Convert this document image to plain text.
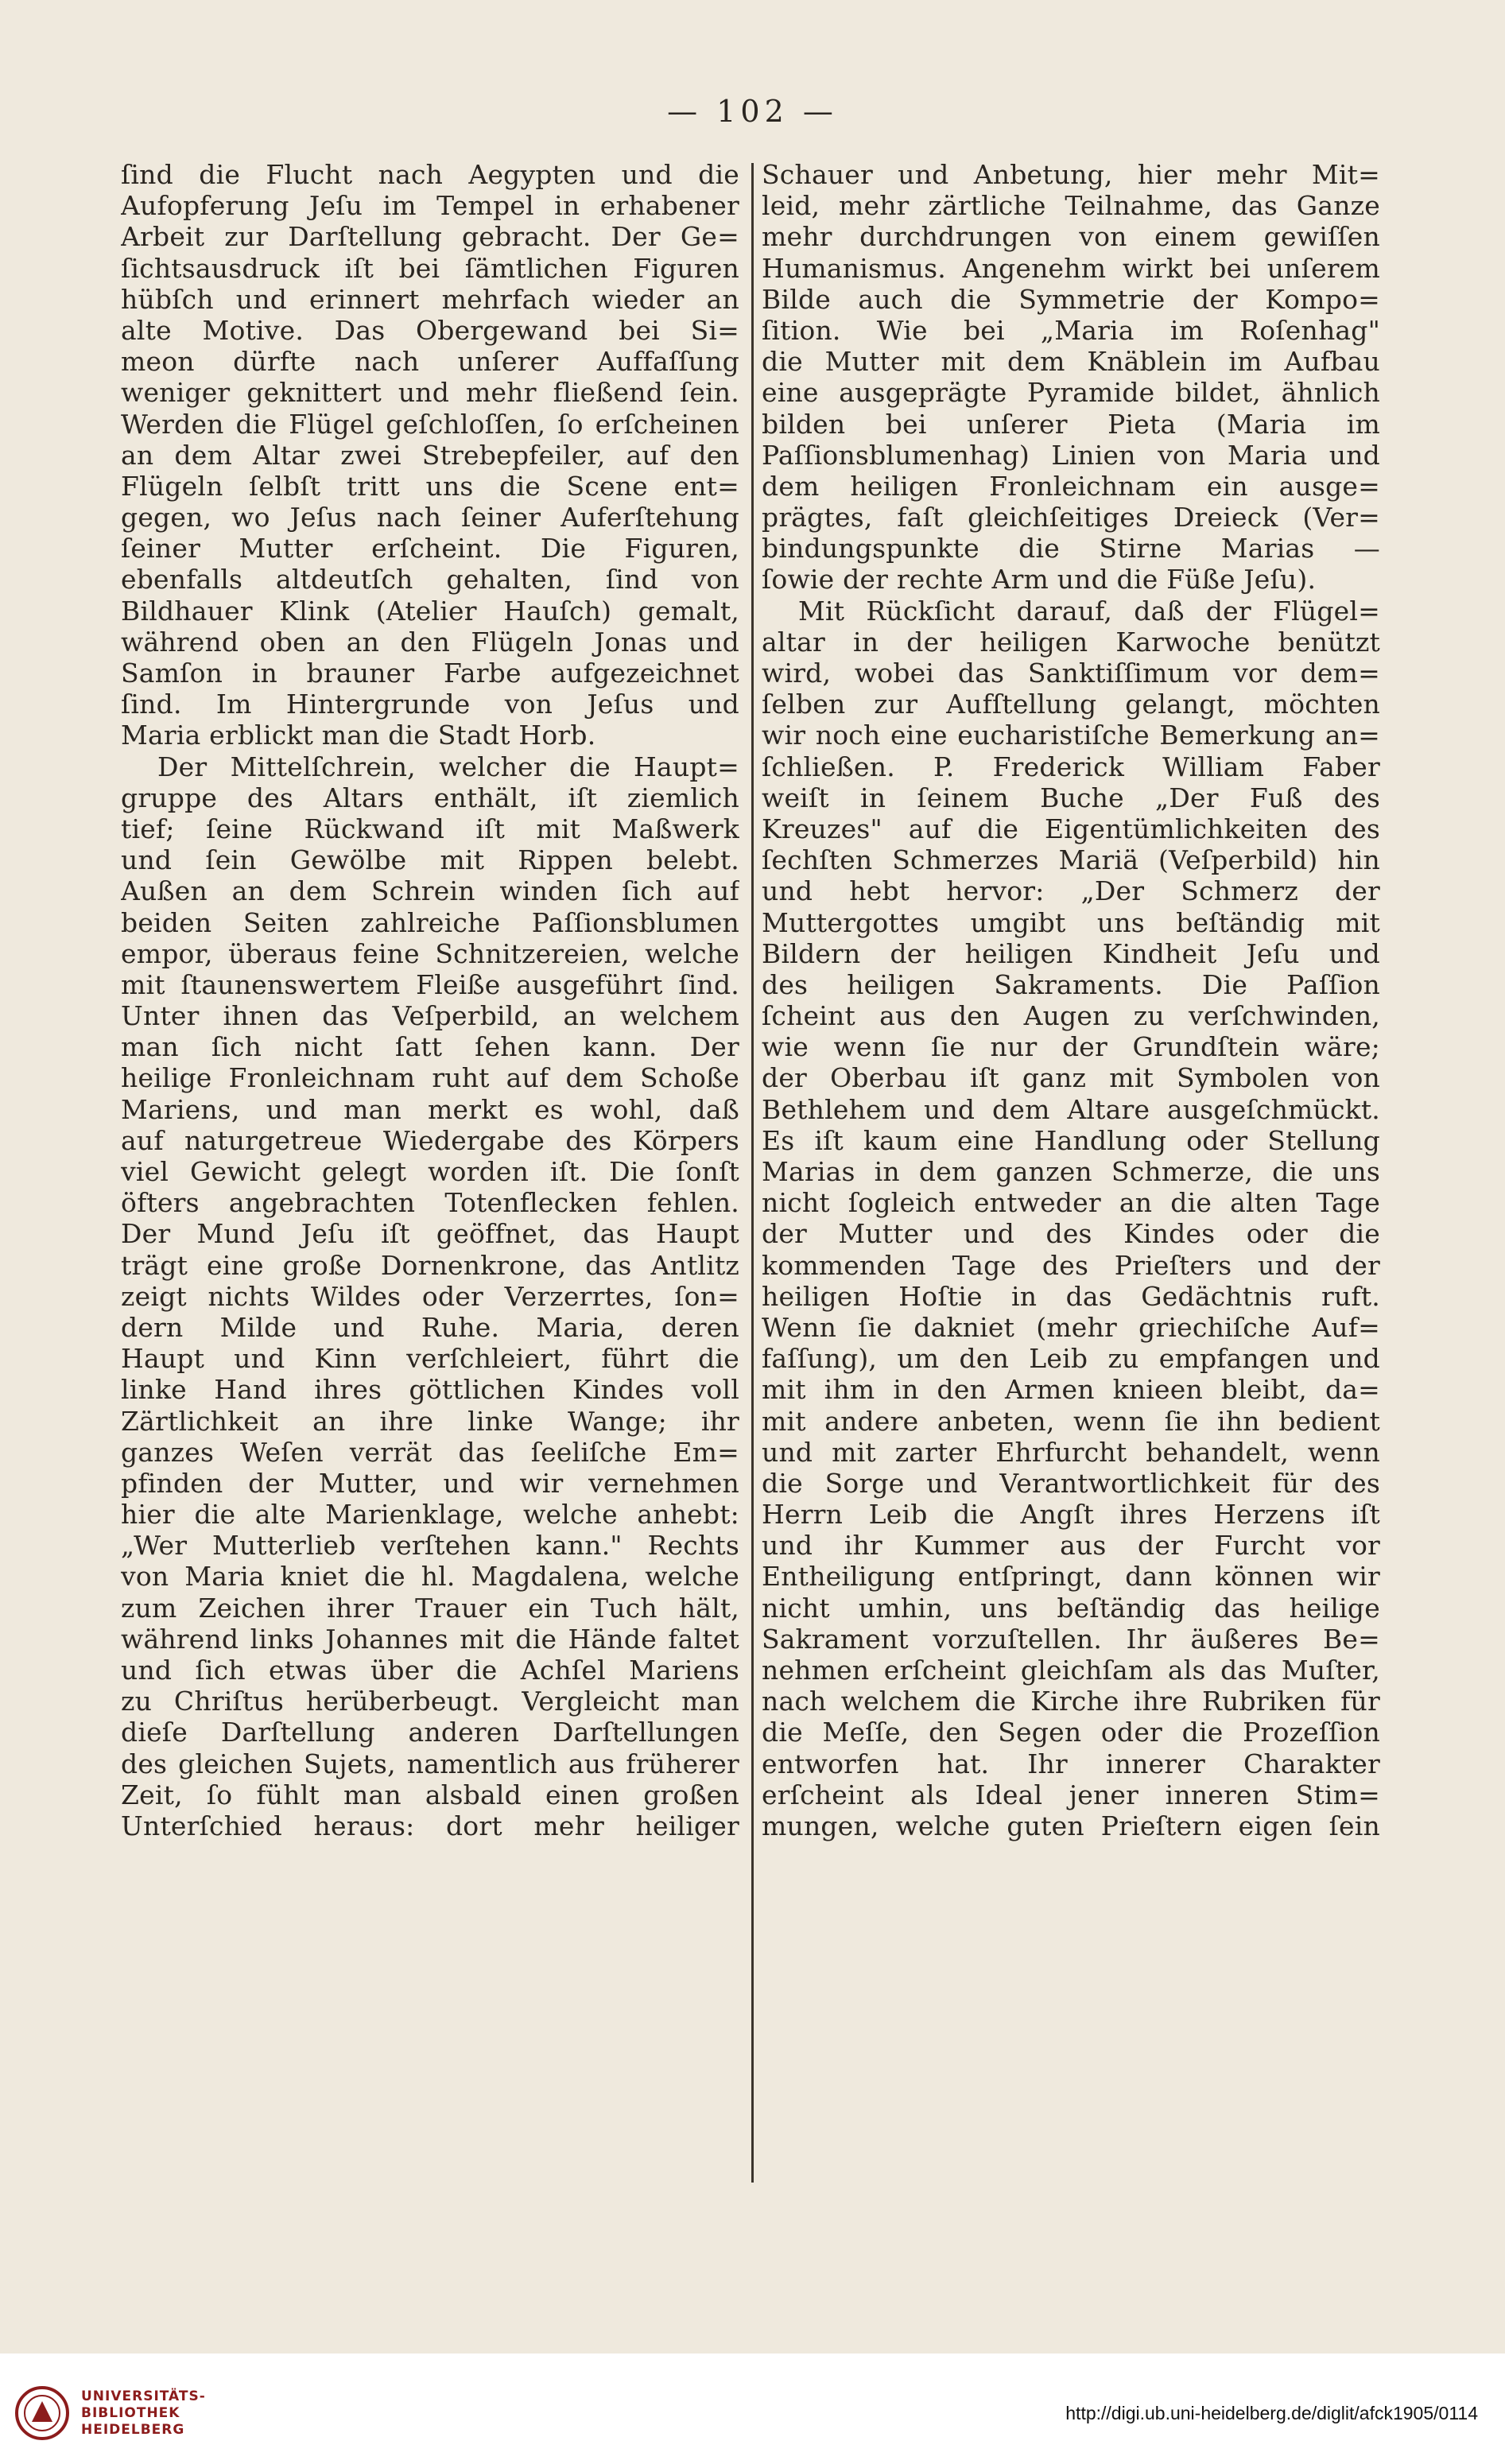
— 102 —
ſind die Flucht nach Aegypten und die
Aufopferung Jeſu im Tempel in erhabener
Arbeit zur Darſtellung gebracht. Der Ge=
ſichtsausdruck iſt bei ſämtlichen Figuren
hübſch und erinnert mehrfach wieder an
alte Motive. Das Obergewand bei Si=
meon dürfte nach unſerer Auffaſſung
weniger geknittert und mehr fließend ſein.
Werden die Flügel geſchloſſen, ſo erſcheinen
an dem Altar zwei Strebepfeiler, auf den
Flügeln ſelbſt tritt uns die Scene ent=
gegen, wo Jeſus nach ſeiner Auferſtehung
ſeiner Mutter erſcheint. Die Figuren,
ebenfalls altdeutſch gehalten, ſind von
Bildhauer Klink (Atelier Hauſch) gemalt,
während oben an den Flügeln Jonas und
Samſon in brauner Farbe aufgezeichnet
ſind. Im Hintergrunde von Jeſus und
Maria erblickt man die Stadt Horb.
Der Mittelſchrein, welcher die Haupt=
gruppe des Altars enthält, iſt ziemlich
tief; ſeine Rückwand iſt mit Maßwerk
und ſein Gewölbe mit Rippen belebt.
Außen an dem Schrein winden ſich auf
beiden Seiten zahlreiche Paſſionsblumen
empor, überaus feine Schnitzereien, welche
mit ſtaunenswertem Fleiße ausgeführt ſind.
Unter ihnen das Veſperbild, an welchem
man ſich nicht ſatt ſehen kann. Der
heilige Fronleichnam ruht auf dem Schoße
Mariens, und man merkt es wohl, daß
auf naturgetreue Wiedergabe des Körpers
viel Gewicht gelegt worden iſt. Die ſonſt
öfters angebrachten Totenflecken fehlen.
Der Mund Jeſu iſt geöffnet, das Haupt
trägt eine große Dornenkrone, das Antlitz
zeigt nichts Wildes oder Verzerrtes, ſon=
dern Milde und Ruhe. Maria, deren
Haupt und Kinn verſchleiert, führt die
linke Hand ihres göttlichen Kindes voll
Zärtlichkeit an ihre linke Wange; ihr
ganzes Weſen verrät das ſeeliſche Em=
pfinden der Mutter, und wir vernehmen
hier die alte Marienklage, welche anhebt:
„Wer Mutterlieb verſtehen kann." Rechts
von Maria kniet die hl. Magdalena, welche
zum Zeichen ihrer Trauer ein Tuch hält,
während links Johannes mit die Hände faltet
und ſich etwas über die Achſel Mariens
zu Chriſtus herüberbeugt. Vergleicht man
dieſe Darſtellung anderen Darſtellungen
des gleichen Sujets, namentlich aus früherer
Zeit, ſo fühlt man alsbald einen großen
Unterſchied heraus: dort mehr heiliger
Schauer und Anbetung, hier mehr Mit=
leid, mehr zärtliche Teilnahme, das Ganze
mehr durchdrungen von einem gewiſſen
Humanismus. Angenehm wirkt bei unſerem
Bilde auch die Symmetrie der Kompo=
ſition. Wie bei „Maria im Roſenhag"
die Mutter mit dem Knäblein im Aufbau
eine ausgeprägte Pyramide bildet, ähnlich
bilden bei unſerer Pieta (Maria im
Paſſionsblumenhag) Linien von Maria und
dem heiligen Fronleichnam ein ausge=
prägtes, faſt gleichſeitiges Dreieck (Ver=
bindungspunkte die Stirne Marias —
ſowie der rechte Arm und die Füße Jeſu).
Mit Rückſicht darauf, daß der Flügel=
altar in der heiligen Karwoche benützt
wird, wobei das Sanktiſſimum vor dem=
ſelben zur Aufſtellung gelangt, möchten
wir noch eine eucharistiſche Bemerkung an=
ſchließen. P. Frederick William Faber
weiſt in ſeinem Buche „Der Fuß des
Kreuzes" auf die Eigentümlichkeiten des
ſechſten Schmerzes Mariä (Veſperbild) hin
und hebt hervor: „Der Schmerz der
Muttergottes umgibt uns beſtändig mit
Bildern der heiligen Kindheit Jeſu und
des heiligen Sakraments. Die Paſſion
ſcheint aus den Augen zu verſchwinden,
wie wenn ſie nur der Grundſtein wäre;
der Oberbau iſt ganz mit Symbolen von
Bethlehem und dem Altare ausgeſchmückt.
Es iſt kaum eine Handlung oder Stellung
Marias in dem ganzen Schmerze, die uns
nicht ſogleich entweder an die alten Tage
der Mutter und des Kindes oder die
kommenden Tage des Prieſters und der
heiligen Hoſtie in das Gedächtnis ruft.
Wenn ſie dakniet (mehr griechiſche Auf=
faſſung), um den Leib zu empfangen und
mit ihm in den Armen knieen bleibt, da=
mit andere anbeten, wenn ſie ihn bedient
und mit zarter Ehrfurcht behandelt, wenn
die Sorge und Verantwortlichkeit für des
Herrn Leib die Angſt ihres Herzens iſt
und ihr Kummer aus der Furcht vor
Entheiligung entſpringt, dann können wir
nicht umhin, uns beſtändig das heilige
Sakrament vorzuſtellen. Ihr äußeres Be=
nehmen erſcheint gleichſam als das Muſter,
nach welchem die Kirche ihre Rubriken für
die Meſſe, den Segen oder die Prozeſſion
entworfen hat. Ihr innerer Charakter
erſcheint als Ideal jener inneren Stim=
mungen, welche guten Prieſtern eigen ſein
UNIVERSITÄTS-
BIBLIOTHEK
HEIDELBERG
http://digi.ub.uni-heidelberg.de/diglit/afck1905/0114
